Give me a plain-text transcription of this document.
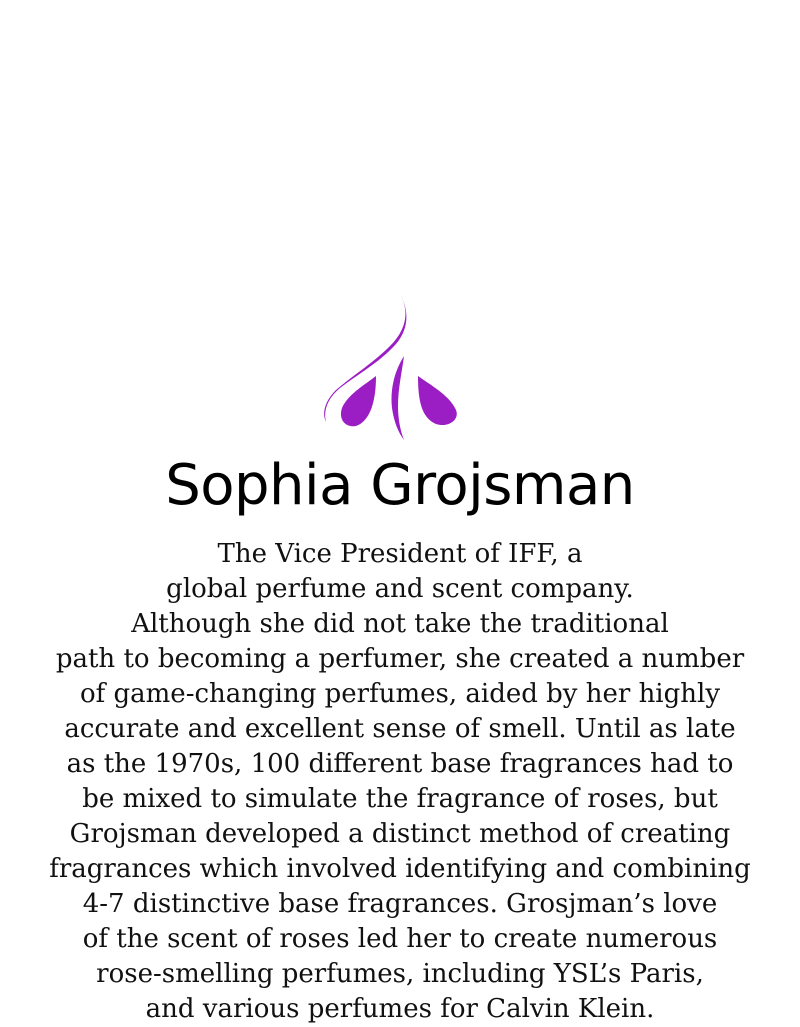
Sophia Grojsman

The Vice President of IFF, a
global perfume and scent company.
Although she did not take the traditional
path to becoming a perfumer, she created a number
of game-changing perfumes, aided by her highly
accurate and excellent sense of smell. Until as late
as the 1970s, 100 different base fragrances had to
be mixed to simulate the fragrance of roses, but
Grojsman developed a distinct method of creating
fragrances which involved identifying and combining
4-7 distinctive base fragrances. Grosjman’s love
of the scent of roses led her to create numerous
rose-smelling perfumes, including YSL’s Paris,
and various perfumes for Calvin Klein.
